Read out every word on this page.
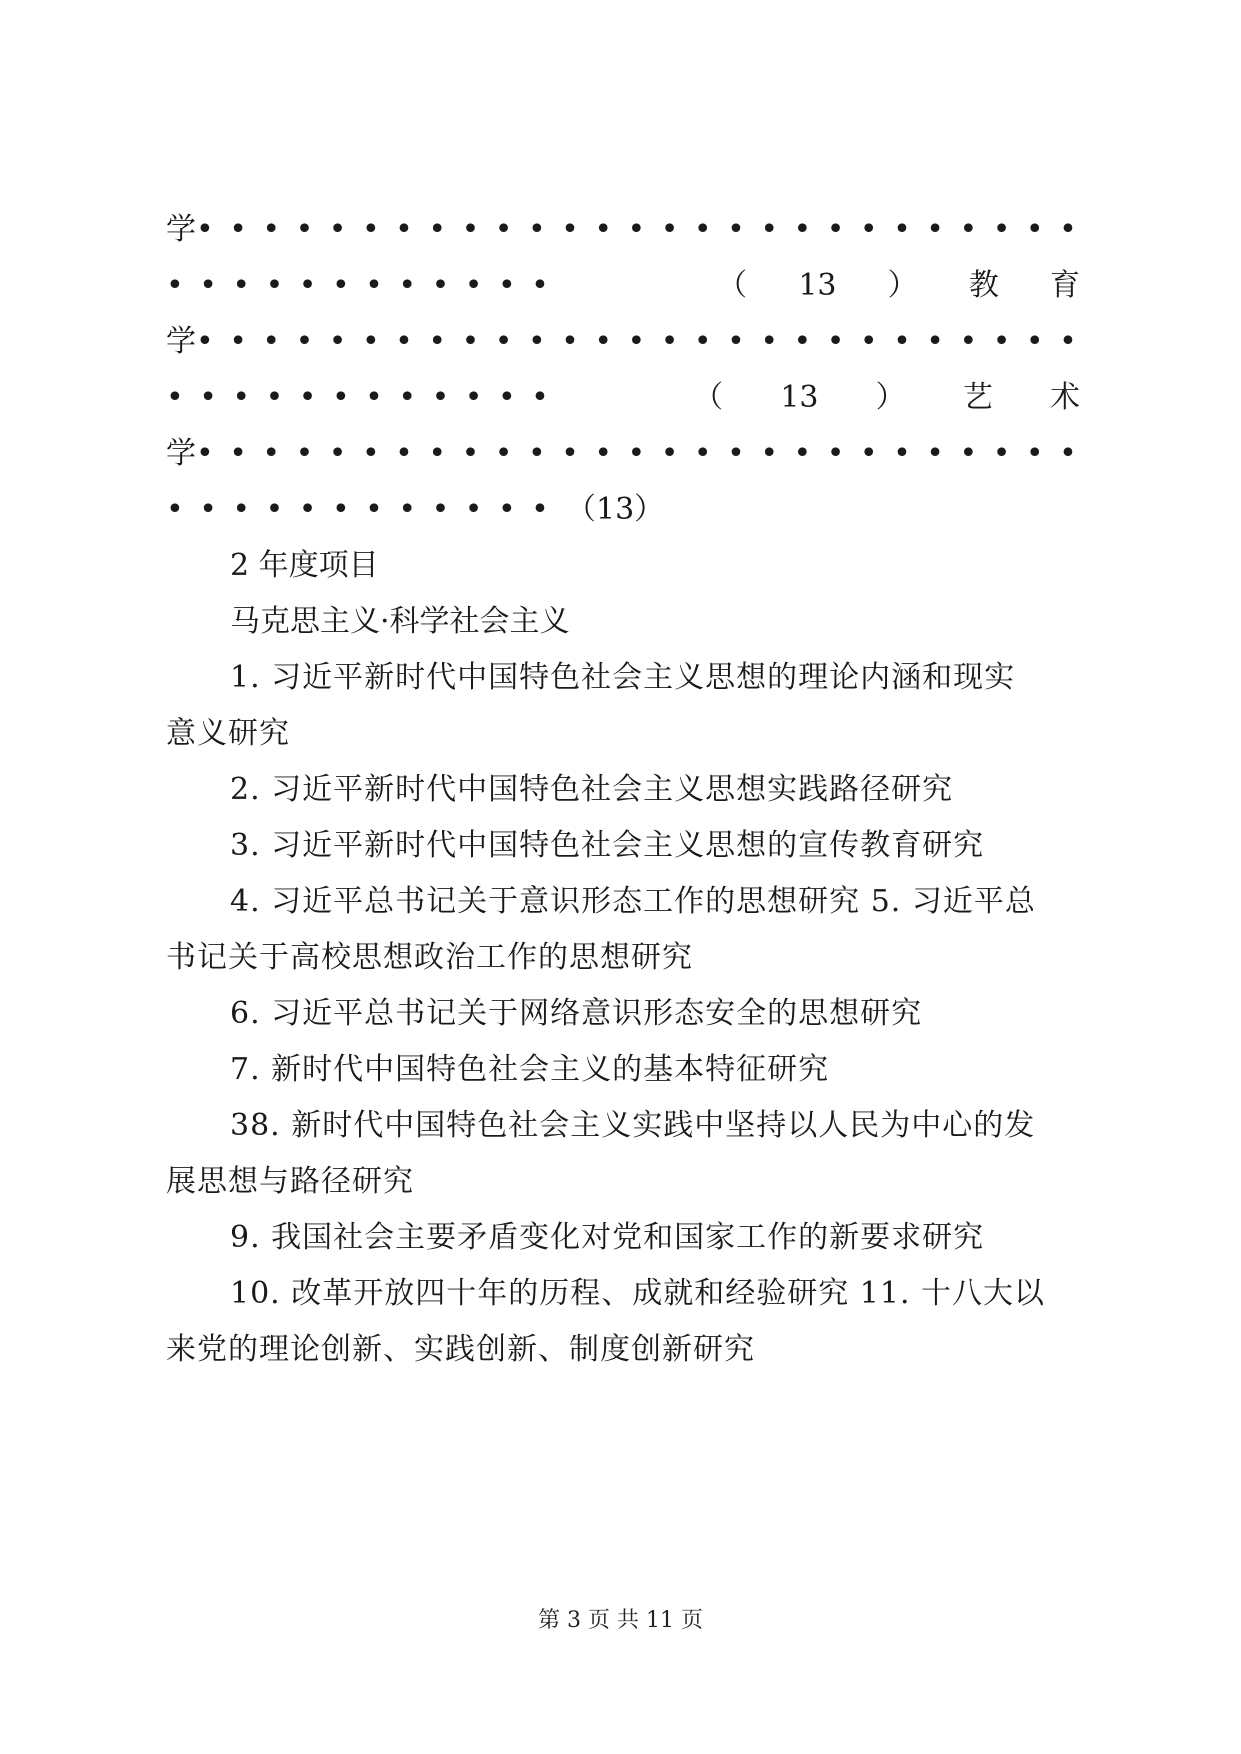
学
•••••
•••••
（ 13 ） 教 育
学
•••••
•••••
（ 13 ） 艺 术
学
•••••
•••••（13）
2 年度项目
马克思主义·科学社会主义
1. 习近平新时代中国特色社会主义思想的理论内涵和现实
意义研究
2. 习近平新时代中国特色社会主义思想实践路径研究
3. 习近平新时代中国特色社会主义思想的宣传教育研究
4. 习近平总书记关于意识形态工作的思想研究 5. 习近平总
书记关于高校思想政治工作的思想研究
6. 习近平总书记关于网络意识形态安全的思想研究
7. 新时代中国特色社会主义的基本特征研究
38. 新时代中国特色社会主义实践中坚持以人民为中心的发
展思想与路径研究
9. 我国社会主要矛盾变化对党和国家工作的新要求研究
10. 改革开放四十年的历程、成就和经验研究 11. 十八大以
来党的理论创新、实践创新、制度创新研究
第 3 页 共 11 页
